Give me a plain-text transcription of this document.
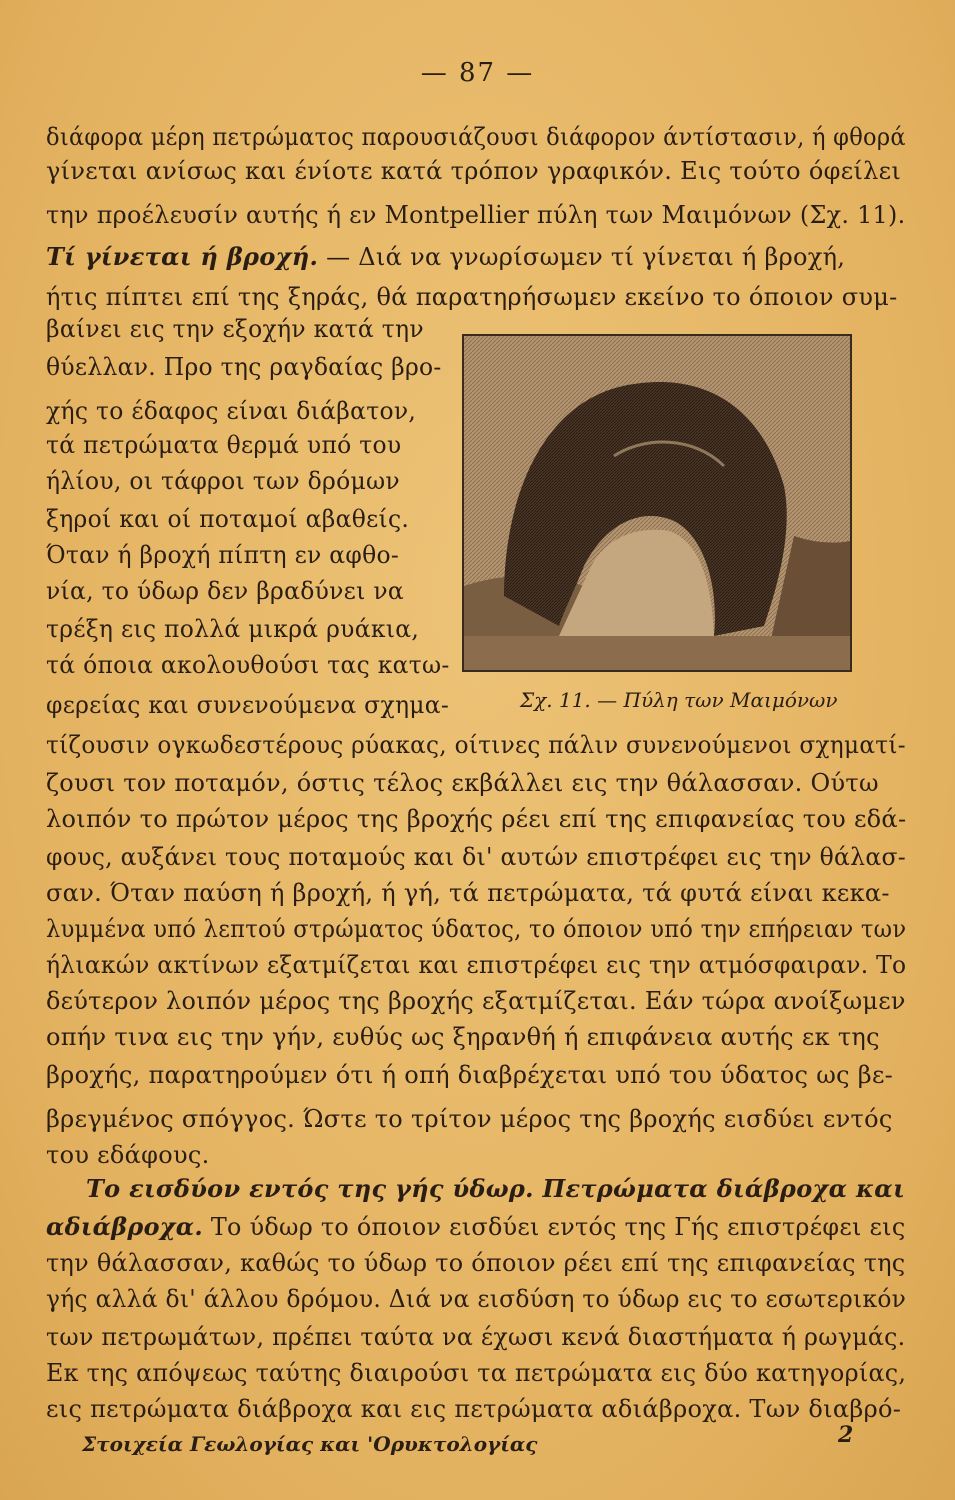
— 87 —
διάφορα μέρη πετρώματος παρουσιάζουσι διάφορον άντίστασιν, ή φθορά
γίνεται ανίσως και ένίοτε κατά τρόπον γραφικόν. Εις τούτο όφείλει
την προέλευσίν αυτής ή εν Montpellier πύλη των Μαιμόνων (Σχ. 11).
Τί γίνεται ή βροχή. — Διά να γνωρίσωμεν τί γίνεται ή βροχή,
ήτις πίπτει επί της ξηράς, θά παρατηρήσωμεν εκείνο το όποιον συμ-
βαίνει εις την εξοχήν κατά την
θύελλαν. Προ της ραγδαίας βρο-
χής το έδαφος είναι διάβατον,
τά πετρώματα θερμά υπό του
ήλίου, οι τάφροι των δρόμων
ξηροί και οί ποταμοί αβαθείς.
Όταν ή βροχή πίπτη εν αφθο-
νία, το ύδωρ δεν βραδύνει να
τρέξη εις πολλά μικρά ρυάκια,
τά όποια ακολουθούσι τας κατω-
φερείας και συνενούμενα σχημα-	Σχ. 11. — Πύλη των Μαιμόνων
τίζουσιν ογκωδεστέρους ρύακας, οίτινες πάλιν συνενούμενοι σχηματί-
ζουσι τον ποταμόν, όστις τέλος εκβάλλει εις την θάλασσαν. Ούτω
λοιπόν το πρώτον μέρος της βροχής ρέει επί της επιφανείας του εδά-
φους, αυξάνει τους ποταμούς και δι' αυτών επιστρέφει εις την θάλασ-
σαν. Όταν παύση ή βροχή, ή γή, τά πετρώματα, τά φυτά είναι κεκα-
λυμμένα υπό λεπτού στρώματος ύδατος, το όποιον υπό την επήρειαν των
ήλιακών ακτίνων εξατμίζεται και επιστρέφει εις την ατμόσφαιραν. Το
δεύτερον λοιπόν μέρος της βροχής εξατμίζεται. Εάν τώρα ανοίξωμεν
οπήν τινα εις την γήν, ευθύς ως ξηρανθή ή επιφάνεια αυτής εκ της
βροχής, παρατηρούμεν ότι ή οπή διαβρέχεται υπό του ύδατος ως βε-
βρεγμένος σπόγγος. Ώστε το τρίτον μέρος της βροχής εισδύει εντός
του εδάφους.
Το εισδύον εντός της γής ύδωρ. Πετρώματα διάβροχα και
αδιάβροχα. Το ύδωρ το όποιον εισδύει εντός της Γής επιστρέφει εις
την θάλασσαν, καθώς το ύδωρ το όποιον ρέει επί της επιφανείας της
γής αλλά δι' άλλου δρόμου. Διά να εισδύση το ύδωρ εις το εσωτερικόν
των πετρωμάτων, πρέπει ταύτα να έχωσι κενά διαστήματα ή ρωγμάς.
Εκ της απόψεως ταύτης διαιρούσι τα πετρώματα εις δύο κατηγορίας,
εις πετρώματα διάβροχα και εις πετρώματα αδιάβροχα. Των διαβρό-
Στοιχεία Γεωλογίας και 'Ορυκτολογίας	2
